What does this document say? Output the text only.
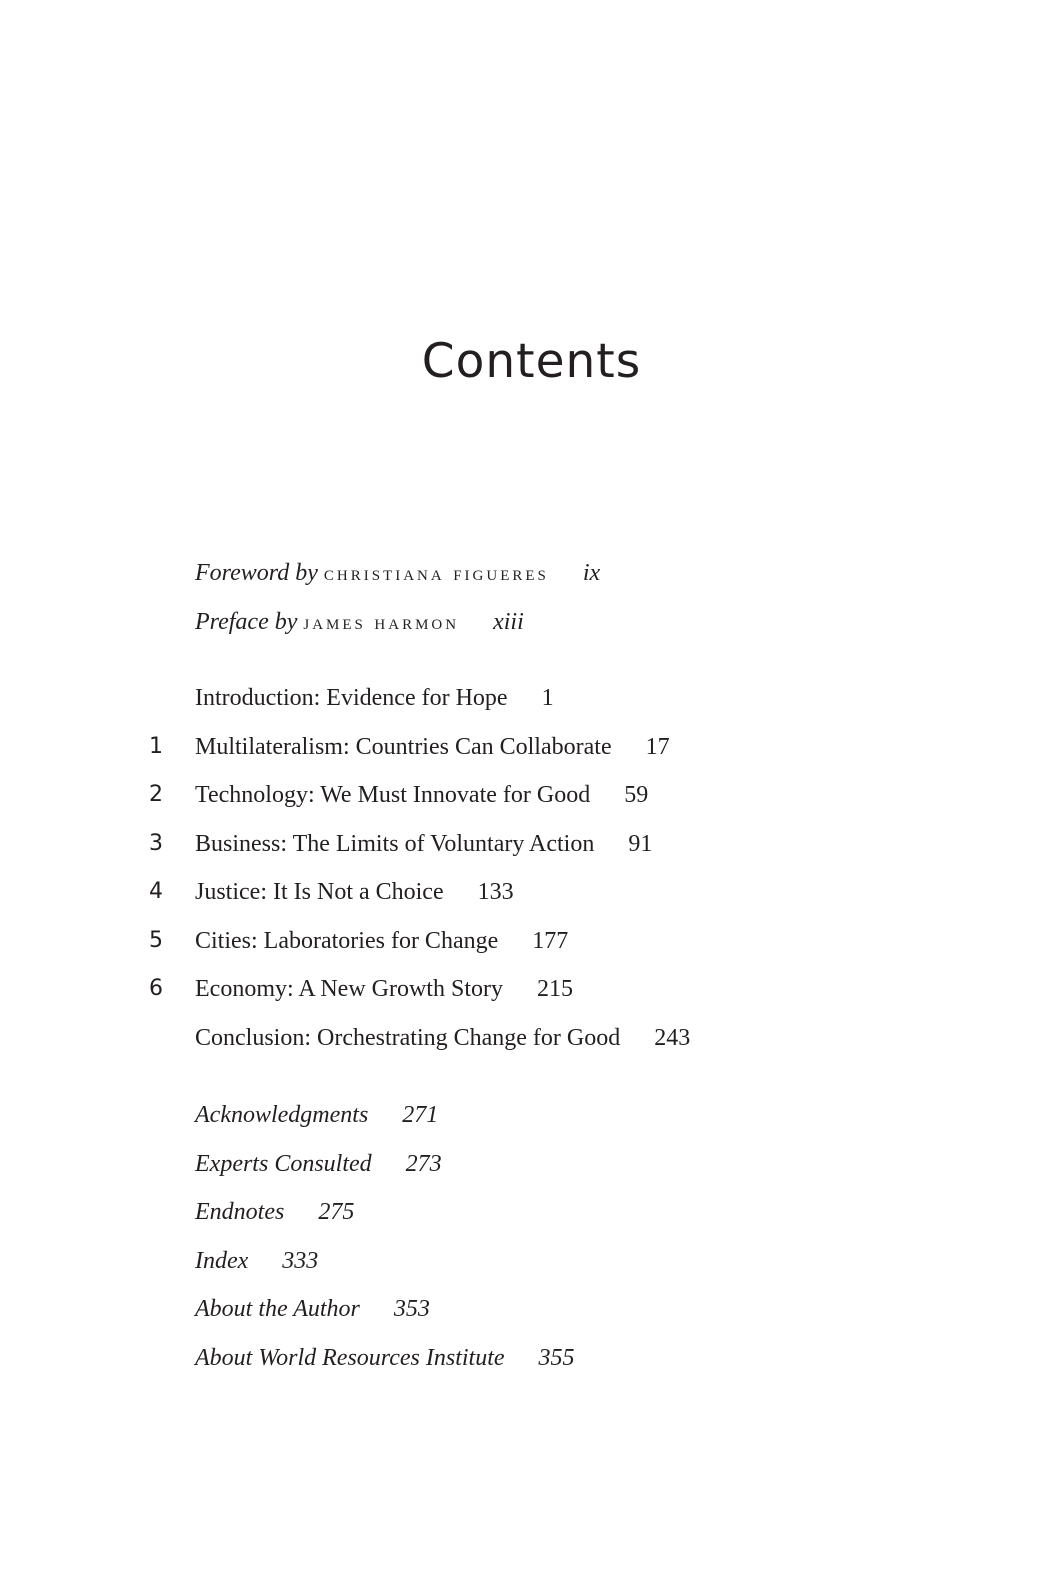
Contents
Foreword by christiana figueres ix
Preface by james harmon xiii
Introduction: Evidence for Hope 1
1	Multilateralism: Countries Can Collaborate 17
2	Technology: We Must Innovate for Good 59
3	Business: The Limits of Voluntary Action 91
4	Justice: It Is Not a Choice 133
5	Cities: Laboratories for Change 177
6	Economy: A New Growth Story 215
Conclusion: Orchestrating Change for Good 243
Acknowledgments 271
Experts Consulted 273
Endnotes 275
Index 333
About the Author 353
About World Resources Institute 355
